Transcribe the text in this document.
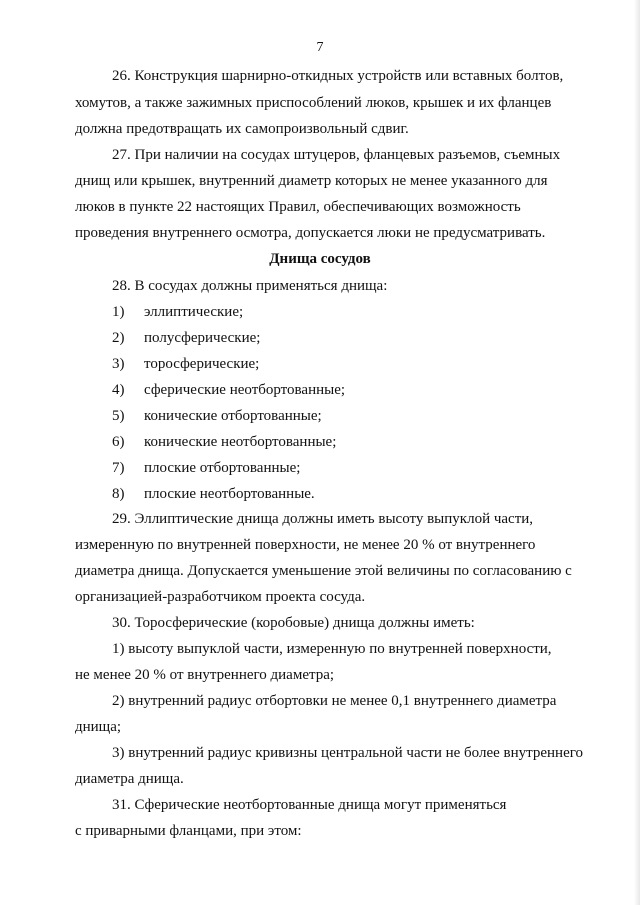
7
26. Конструкция шарнирно-откидных устройств или вставных болтов,
хомутов, а также зажимных приспособлений люков, крышек и их фланцев
должна предотвращать их самопроизвольный сдвиг.
27. При наличии на сосудах штуцеров, фланцевых разъемов, съемных
днищ или крышек, внутренний диаметр которых не менее указанного для
люков в пункте 22 настоящих Правил, обеспечивающих возможность
проведения внутреннего осмотра, допускается люки не предусматривать.
Днища сосудов
28. В сосудах должны применяться днища:
1) эллиптические;
2) полусферические;
3) торосферические;
4) сферические неотбортованные;
5) конические отбортованные;
6) конические неотбортованные;
7) плоские отбортованные;
8) плоские неотбортованные.
29. Эллиптические днища должны иметь высоту выпуклой части,
измеренную по внутренней поверхности, не менее 20 % от внутреннего
диаметра днища. Допускается уменьшение этой величины по согласованию с
организацией-разработчиком проекта сосуда.
30. Торосферические (коробовые) днища должны иметь:
1) высоту выпуклой части, измеренную по внутренней поверхности,
не менее 20 % от внутреннего диаметра;
2) внутренний радиус отбортовки не менее 0,1 внутреннего диаметра
днища;
3) внутренний радиус кривизны центральной части не более внутреннего
диаметра днища.
31. Сферические неотбортованные днища могут применяться
с приварными фланцами, при этом:
